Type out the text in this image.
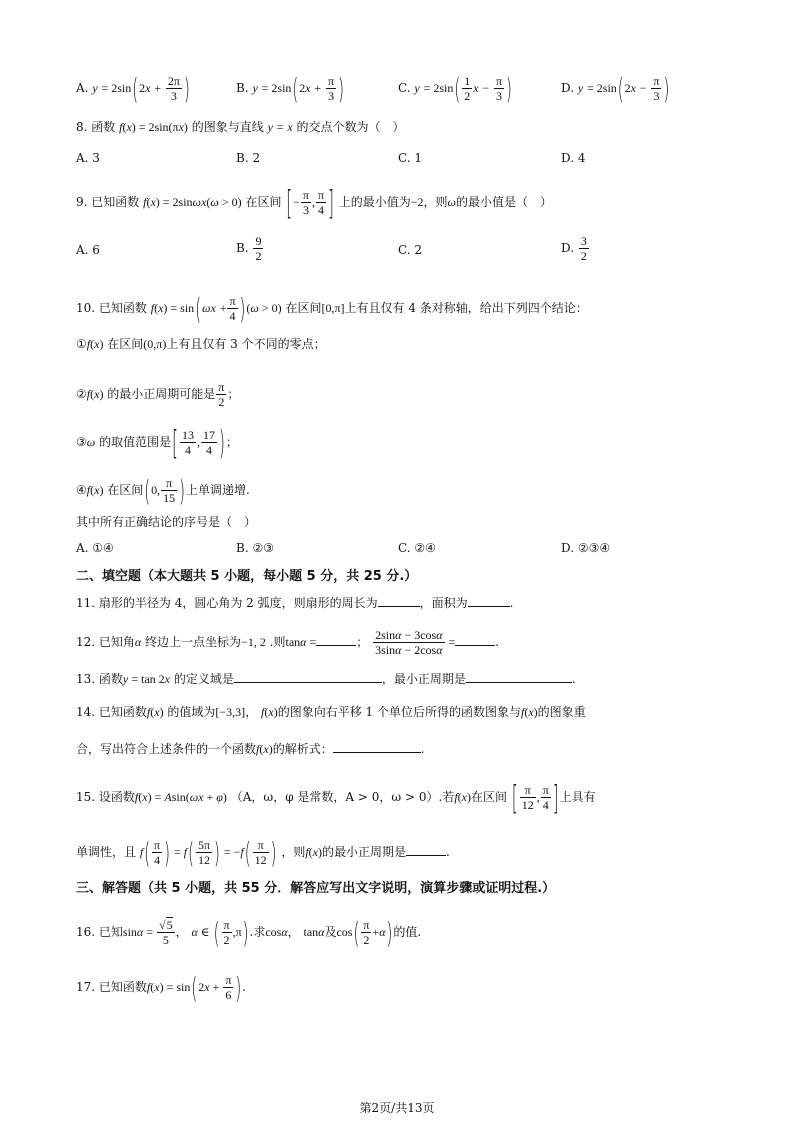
A. $y = 2\sin(2x + \frac{2\pi}{3}$ )	B. $y = 2\sin(2x + \frac{\pi}{3}$ )	C. $y = 2\sin( \frac{1}{2}$ $x - \frac{\pi}{3}$ )	D. $y = 2\sin(2x - \frac{\pi}{3}$ )
8. 函数 f(x) = 2sin(πx) 的图象与直线 y = x 的交点个数为（　）
A. 3	B. 2	C. 1	D. 4
9. 已知函数 f(x) = 2sinωx(ω > 0) 在区间 [− $\frac{\pi}{3}$ , $\frac{\pi}{4}$ ] 上的最小值为−2，则ω的最小值是（　）
A. 6	B. $\frac{9}{2}$	C. 2	D. $\frac{3}{2}$
10. 已知函数 $f(x) = \sin(\omega x + \frac{\pi}{4} )(\omega > 0)$ 在区间[0,π]上有且仅有 4 条对称轴，给出下列四个结论：
①f(x) 在区间(0,π)上有且仅有 3 个不同的零点；
②f(x) 的最小正周期可能是 $\frac{\pi}{2}$ ；
③ω 的取值范围是[ $\frac{13}{4}$ , $\frac{17}{4}$ )；
④f(x) 在区间(0, $\frac{\pi}{15}$ )上单调递增.
其中所有正确结论的序号是（　）
A. ①④	B. ②③	C. ②④	D. ②③④
二、填空题（本大题共 5 小题，每小题 5 分，共 25 分.）
11. 扇形的半径为 4，圆心角为 2 弧度，则扇形的周长为	，面积为	.
12. 已知角α 终边上一点坐标为−1, 2 .则tanα =	； $\frac{2\sin\alpha - 3\cos\alpha}{3\sin\alpha - 2\cos\alpha}$ =	.
13. 函数y = tan 2x 的定义域是	，最小正周期是	.
14. 已知函数f(x) 的值域为[−3,3]， f(x)的图象向右平移 1 个单位后所得的函数图象与f(x)的图象重
合，写出符合上述条件的一个函数f(x)的解析式：	.
15. 设函数f(x) = Asin(ωx + φ) （A，ω，φ 是常数，A > 0，ω > 0）.若f(x)在区间 [ $\frac{\pi}{12}$ , $\frac{\pi}{4}$ ]上具有
单调性，且 $f( \frac{\pi}{4}$ ) = $f( \frac{5\pi}{12}$ ) = $-f( \frac{\pi}{12}$ ) ，则f(x)的最小正周期是	.
三、解答题（共 5 小题，共 55 分．解答应写出文字说明，演算步骤或证明过程.）
16. 已知$\sin\alpha = \frac{√5}{5}$ ， α ∈ ( $\frac{\pi}{2} ,\pi$).求cosα， tanα及$\cos( \frac{\pi}{2} +\alpha)$的值.
17. 已知函数$f(x) = \sin(2x + \frac{\pi}{6}$ ).
第2页/共13页
